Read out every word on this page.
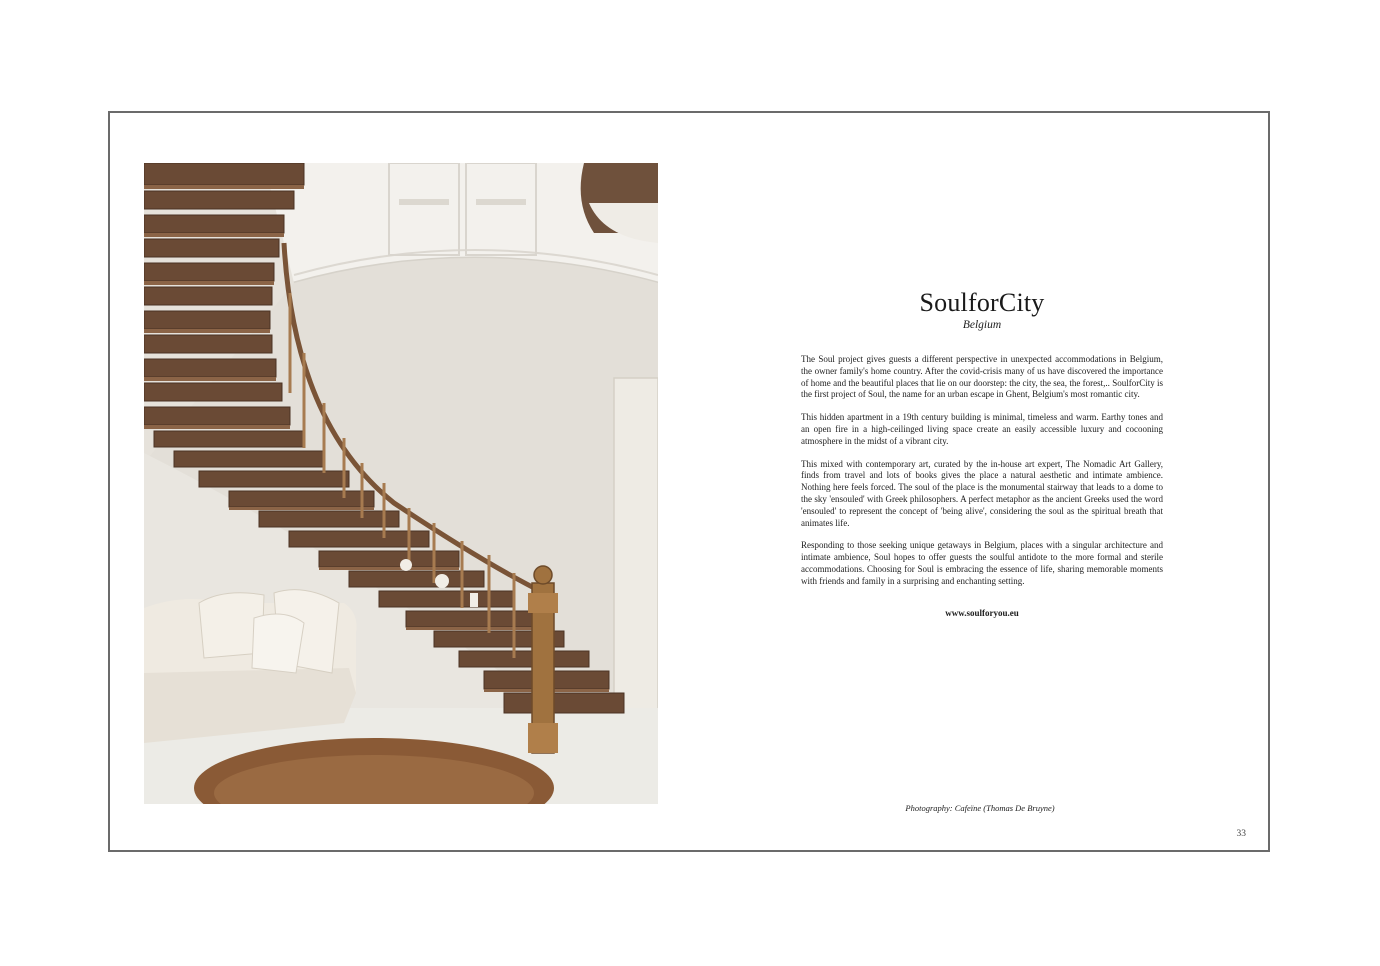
SoulforCity

Belgium

The Soul project gives guests a different perspective in unexpected accommodations in Belgium, the owner family's home country. After the covid-crisis many of us have discovered the importance of home and the beautiful places that lie on our doorstep: the city, the sea, the forest,.. SoulforCity is the first project of Soul, the name for an urban escape in Ghent, Belgium's most romantic city.

This hidden apartment in a 19th century building is minimal, timeless and warm. Earthy tones and an open fire in a high-ceilinged living space create an easily accessible luxury and cocooning atmosphere in the midst of a vibrant city.

This mixed with contemporary art, curated by the in-house art expert, The Nomadic Art Gallery, finds from travel and lots of books gives the place a natural aesthetic and intimate ambience. Nothing here feels forced. The soul of the place is the monumental stairway that leads to a dome to the sky 'ensouled' with Greek philosophers. A perfect metaphor as the ancient Greeks used the word 'ensouled' to represent the concept of 'being alive', considering the soul as the spiritual breath that animates life.

Responding to those seeking unique getaways in Belgium, places with a singular architecture and intimate ambience, Soul hopes to offer guests the soulful antidote to the more formal and sterile accommodations. Choosing for Soul is embracing the essence of life, sharing memorable moments with friends and family in a surprising and enchanting setting.

www.soulforyou.eu
Photography: Cafeïne (Thomas De Bruyne)
33
